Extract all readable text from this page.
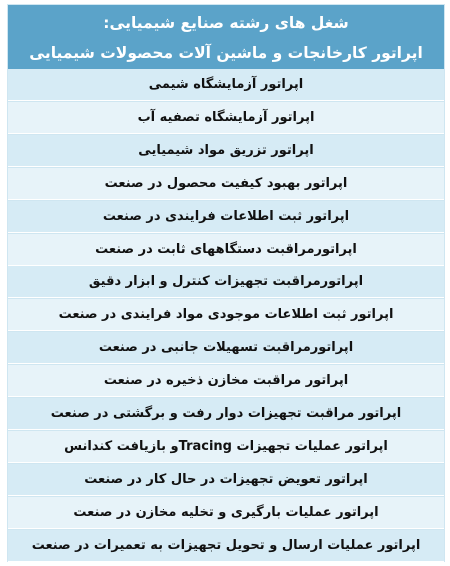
شغل های رشته صنایع شیمیایی:
اپراتور کارخانجات و ماشین آلات محصولات شیمیایی
اپراتور آزمایشگاه شیمی
اپراتور آزمایشگاه تصفیه آب
اپراتور تزریق مواد شیمیایی
اپراتور بهبود کیفیت محصول در صنعت
اپراتور ثبت اطلاعات فرایندی در صنعت
اپراتورمراقبت دستگاههای ثابت در صنعت
اپراتورمراقبت تجهیزات کنترل و ابزار دقیق
اپراتور ثبت اطلاعات موجودی مواد فرایندی در صنعت
اپراتورمراقبت تسهیلات جانبی در صنعت
اپراتور مراقبت مخازن ذخیره در صنعت
اپراتور مراقبت تجهیزات دوار رفت و برگشتی در صنعت
اپراتور عملیات تجهیزات Tracingو بازیافت کندانس
اپراتور تعویض تجهیزات در حال کار در صنعت
اپراتور عملیات بارگیری و تخلیه مخازن در صنعت
اپراتور عملیات ارسال و تحویل تجهیزات به تعمیرات در صنعت
